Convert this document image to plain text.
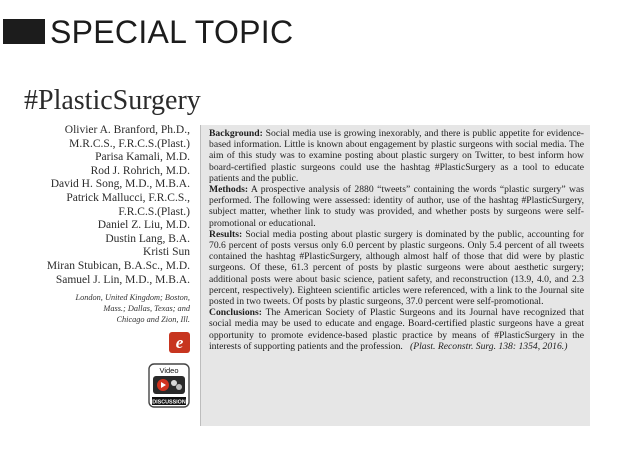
SPECIAL TOPIC
#PlasticSurgery
Olivier A. Branford, Ph.D.,
M.R.C.S., F.R.C.S.(Plast.)
Parisa Kamali, M.D.
Rod J. Rohrich, M.D.
David H. Song, M.D., M.B.A.
Patrick Mallucci, F.R.C.S.,
F.R.C.S.(Plast.)
Daniel Z. Liu, M.D.
Dustin Lang, B.A.
Kristi Sun
Miran Stubican, B.A.Sc., M.D.
Samuel J. Lin, M.D., M.B.A.
London, United Kingdom; Boston,
Mass.; Dallas, Texas; and
Chicago and Zion, Ill.
e
Video
DISCUSSION

Background: Social media use is growing inexorably, and there is public appetite for evidence-based information. Little is known about engagement by plastic surgeons with social media. The aim of this study was to examine posting about plastic surgery on Twitter, to best inform how board-certified plastic surgeons could use the hashtag #PlasticSurgery as a tool to educate patients and the public.

Methods: A prospective analysis of 2880 “tweets” containing the words “plastic surgery” was performed. The following were assessed: identity of author, use of the hashtag #PlasticSurgery, subject matter, whether link to study was provided, and whether posts by surgeons were self-promotional or educational.

Results: Social media posting about plastic surgery is dominated by the public, accounting for 70.6 percent of posts versus only 6.0 percent by plastic surgeons. Only 5.4 percent of all tweets contained the hashtag #PlasticSurgery, although almost half of those that did were by plastic surgeons. Of these, 61.3 percent of posts by plastic surgeons were about aesthetic surgery; additional posts were about basic science, patient safety, and reconstruction (13.9, 4.0, and 2.3 percent, respectively). Eighteen scientific articles were referenced, with a link to the Journal site posted in two tweets. Of posts by plastic surgeons, 37.0 percent were self-promotional.

Conclusions: The American Society of Plastic Surgeons and its Journal have recognized that social media may be used to educate and engage. Board-certified plastic surgeons have a great opportunity to promote evidence-based plastic practice by means of #PlasticSurgery in the interests of supporting patients and the profession. (Plast. Reconstr. Surg. 138: 1354, 2016.)
